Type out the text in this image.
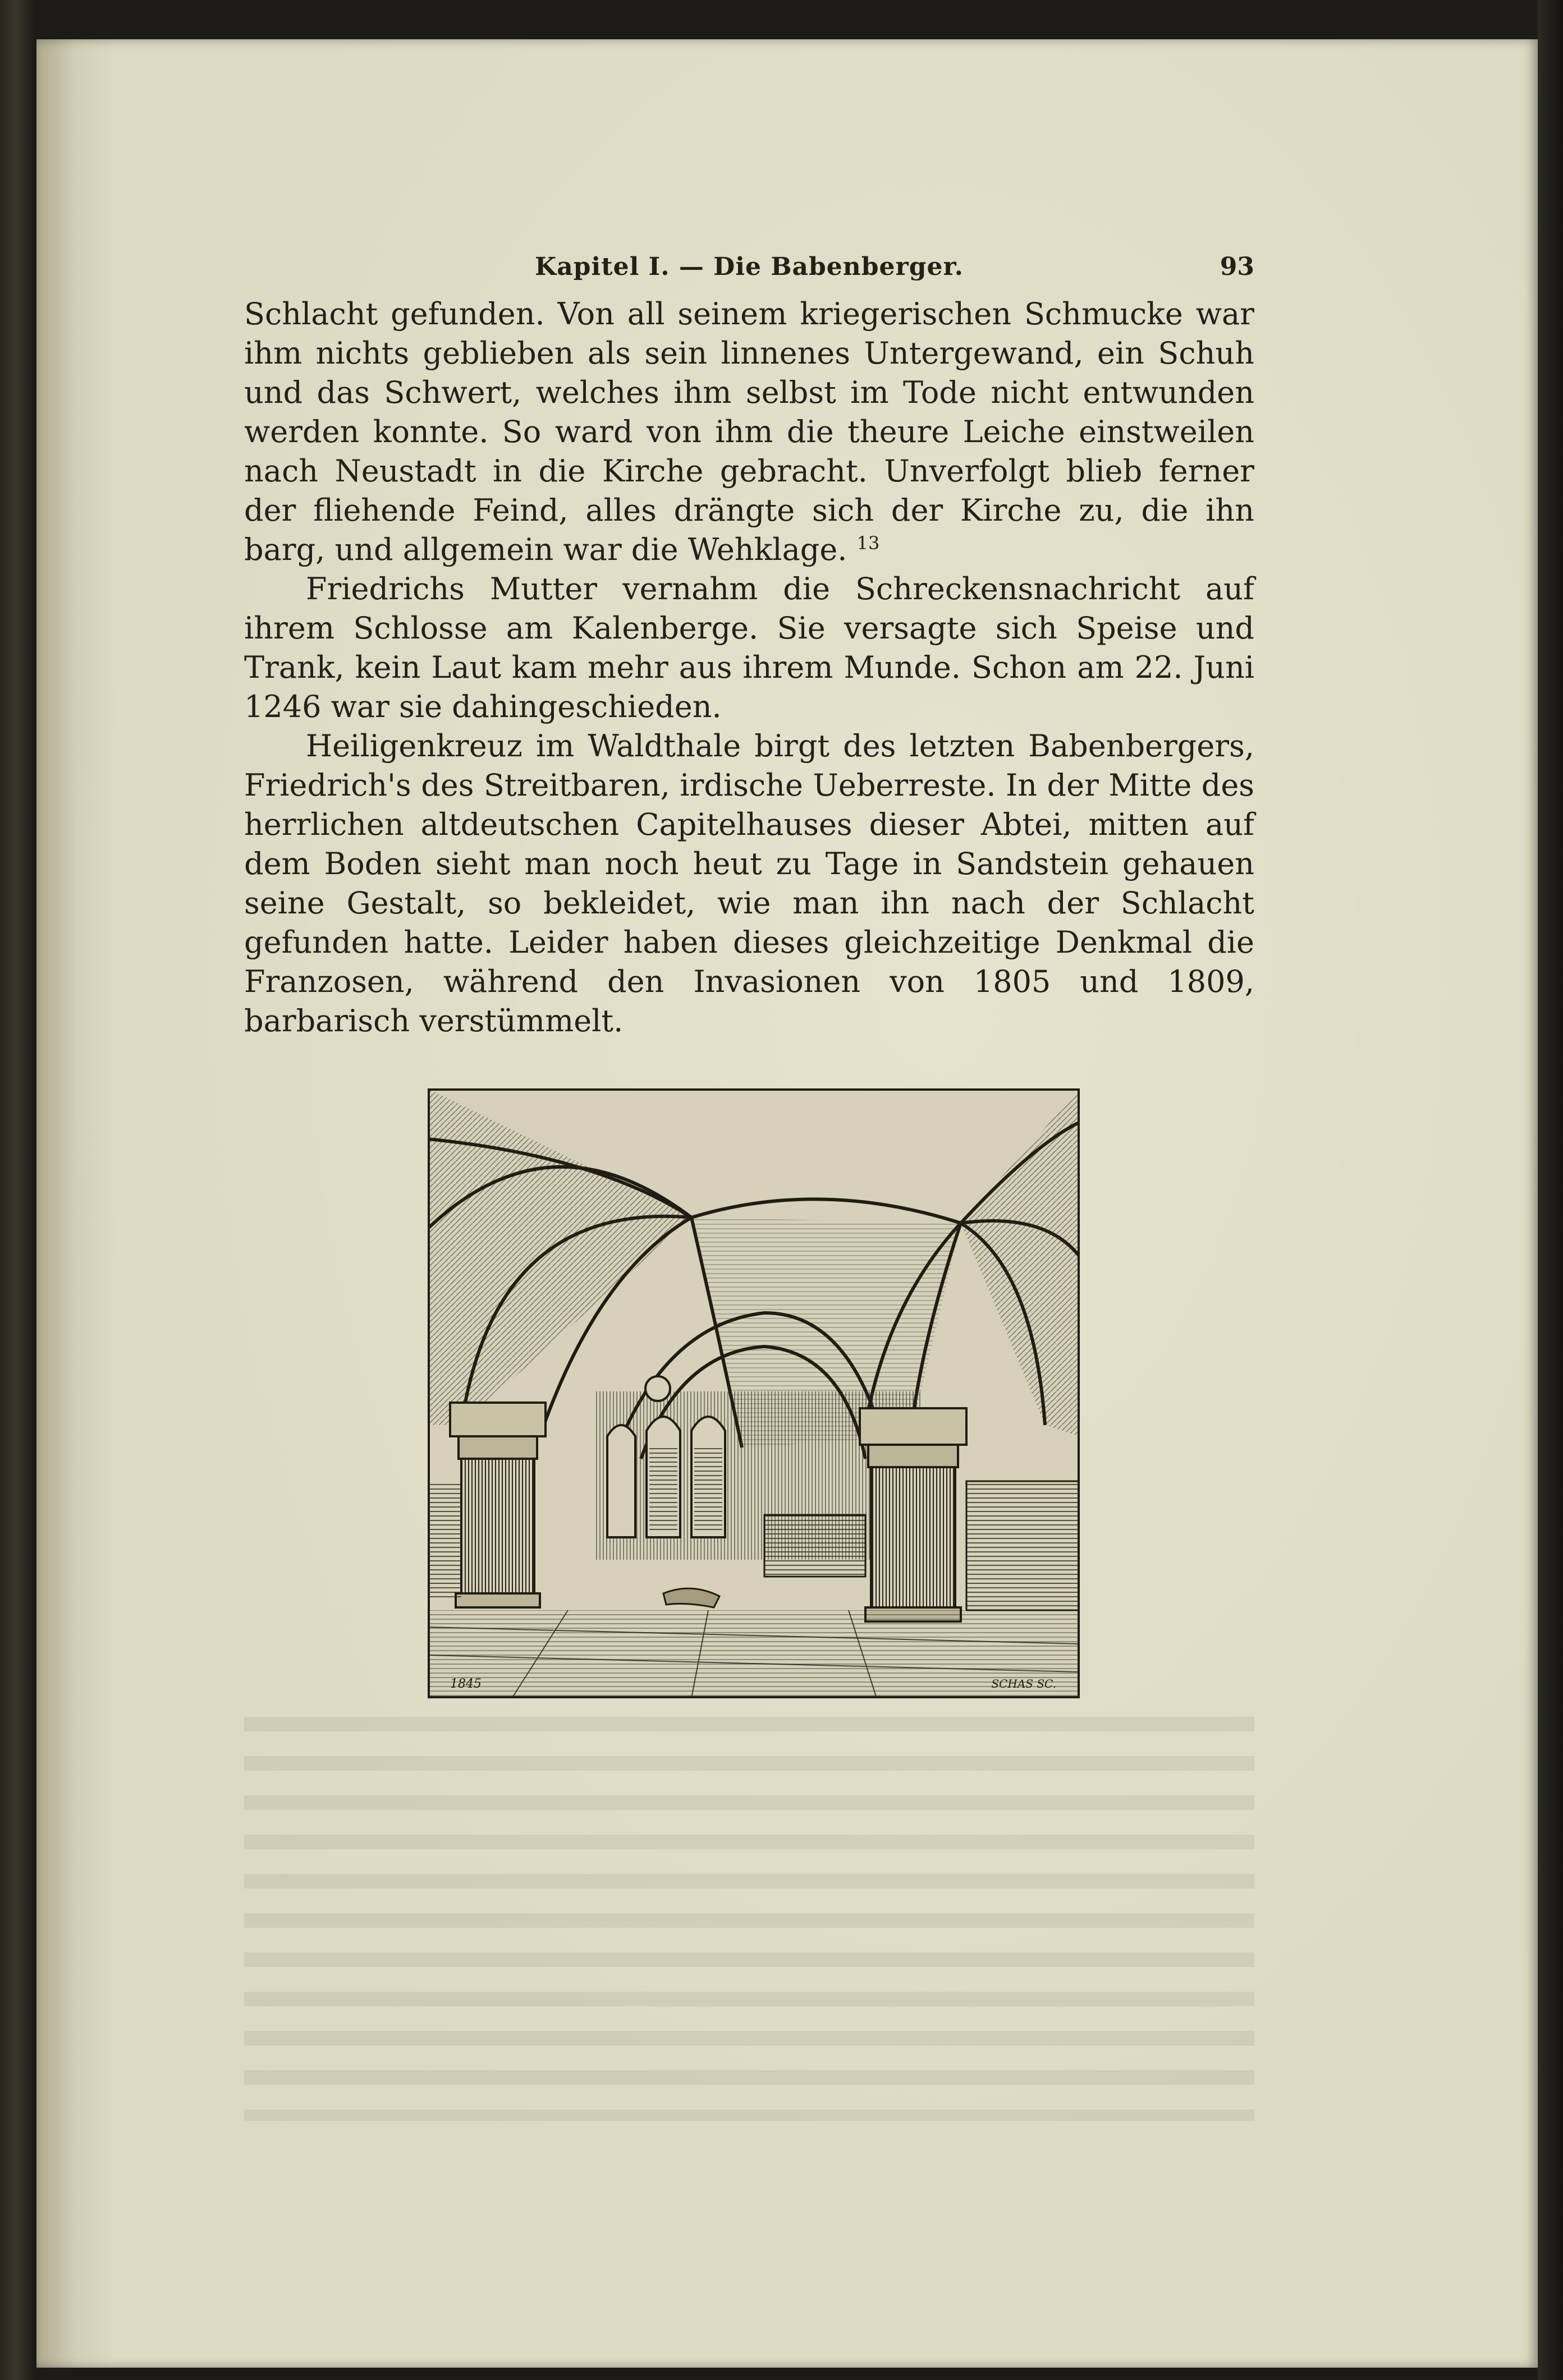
Kapitel I. — Die Babenberger.	93

Schlacht gefunden. Von all seinem kriegerischen Schmucke war ihm nichts geblieben als sein linnenes Untergewand, ein Schuh und das Schwert, welches ihm selbst im Tode nicht entwunden werden konnte. So ward von ihm die theure Leiche einstweilen nach Neustadt in die Kirche gebracht. Unverfolgt blieb ferner der fliehende Feind, alles drängte sich der Kirche zu, die ihn barg, und allgemein war die Wehklage. $^{13}$

Friedrichs Mutter vernahm die Schreckensnachricht auf ihrem Schlosse am Kalenberge. Sie versagte sich Speise und Trank, kein Laut kam mehr aus ihrem Munde. Schon am 22. Juni 1246 war sie dahingeschieden.

Heiligenkreuz im Waldthale birgt des letzten Babenbergers, Friedrich's des Streitbaren, irdische Ueberreste. In der Mitte des herrlichen altdeutschen Capitelhauses dieser Abtei, mitten auf dem Boden sieht man noch heut zu Tage in Sandstein gehauen seine Gestalt, so bekleidet, wie man ihn nach der Schlacht gefunden hatte. Leider haben dieses gleichzeitige Denkmal die Franzosen, während den Invasionen von 1805 und 1809, barbarisch verstümmelt.

1845	SCHAS SC.
